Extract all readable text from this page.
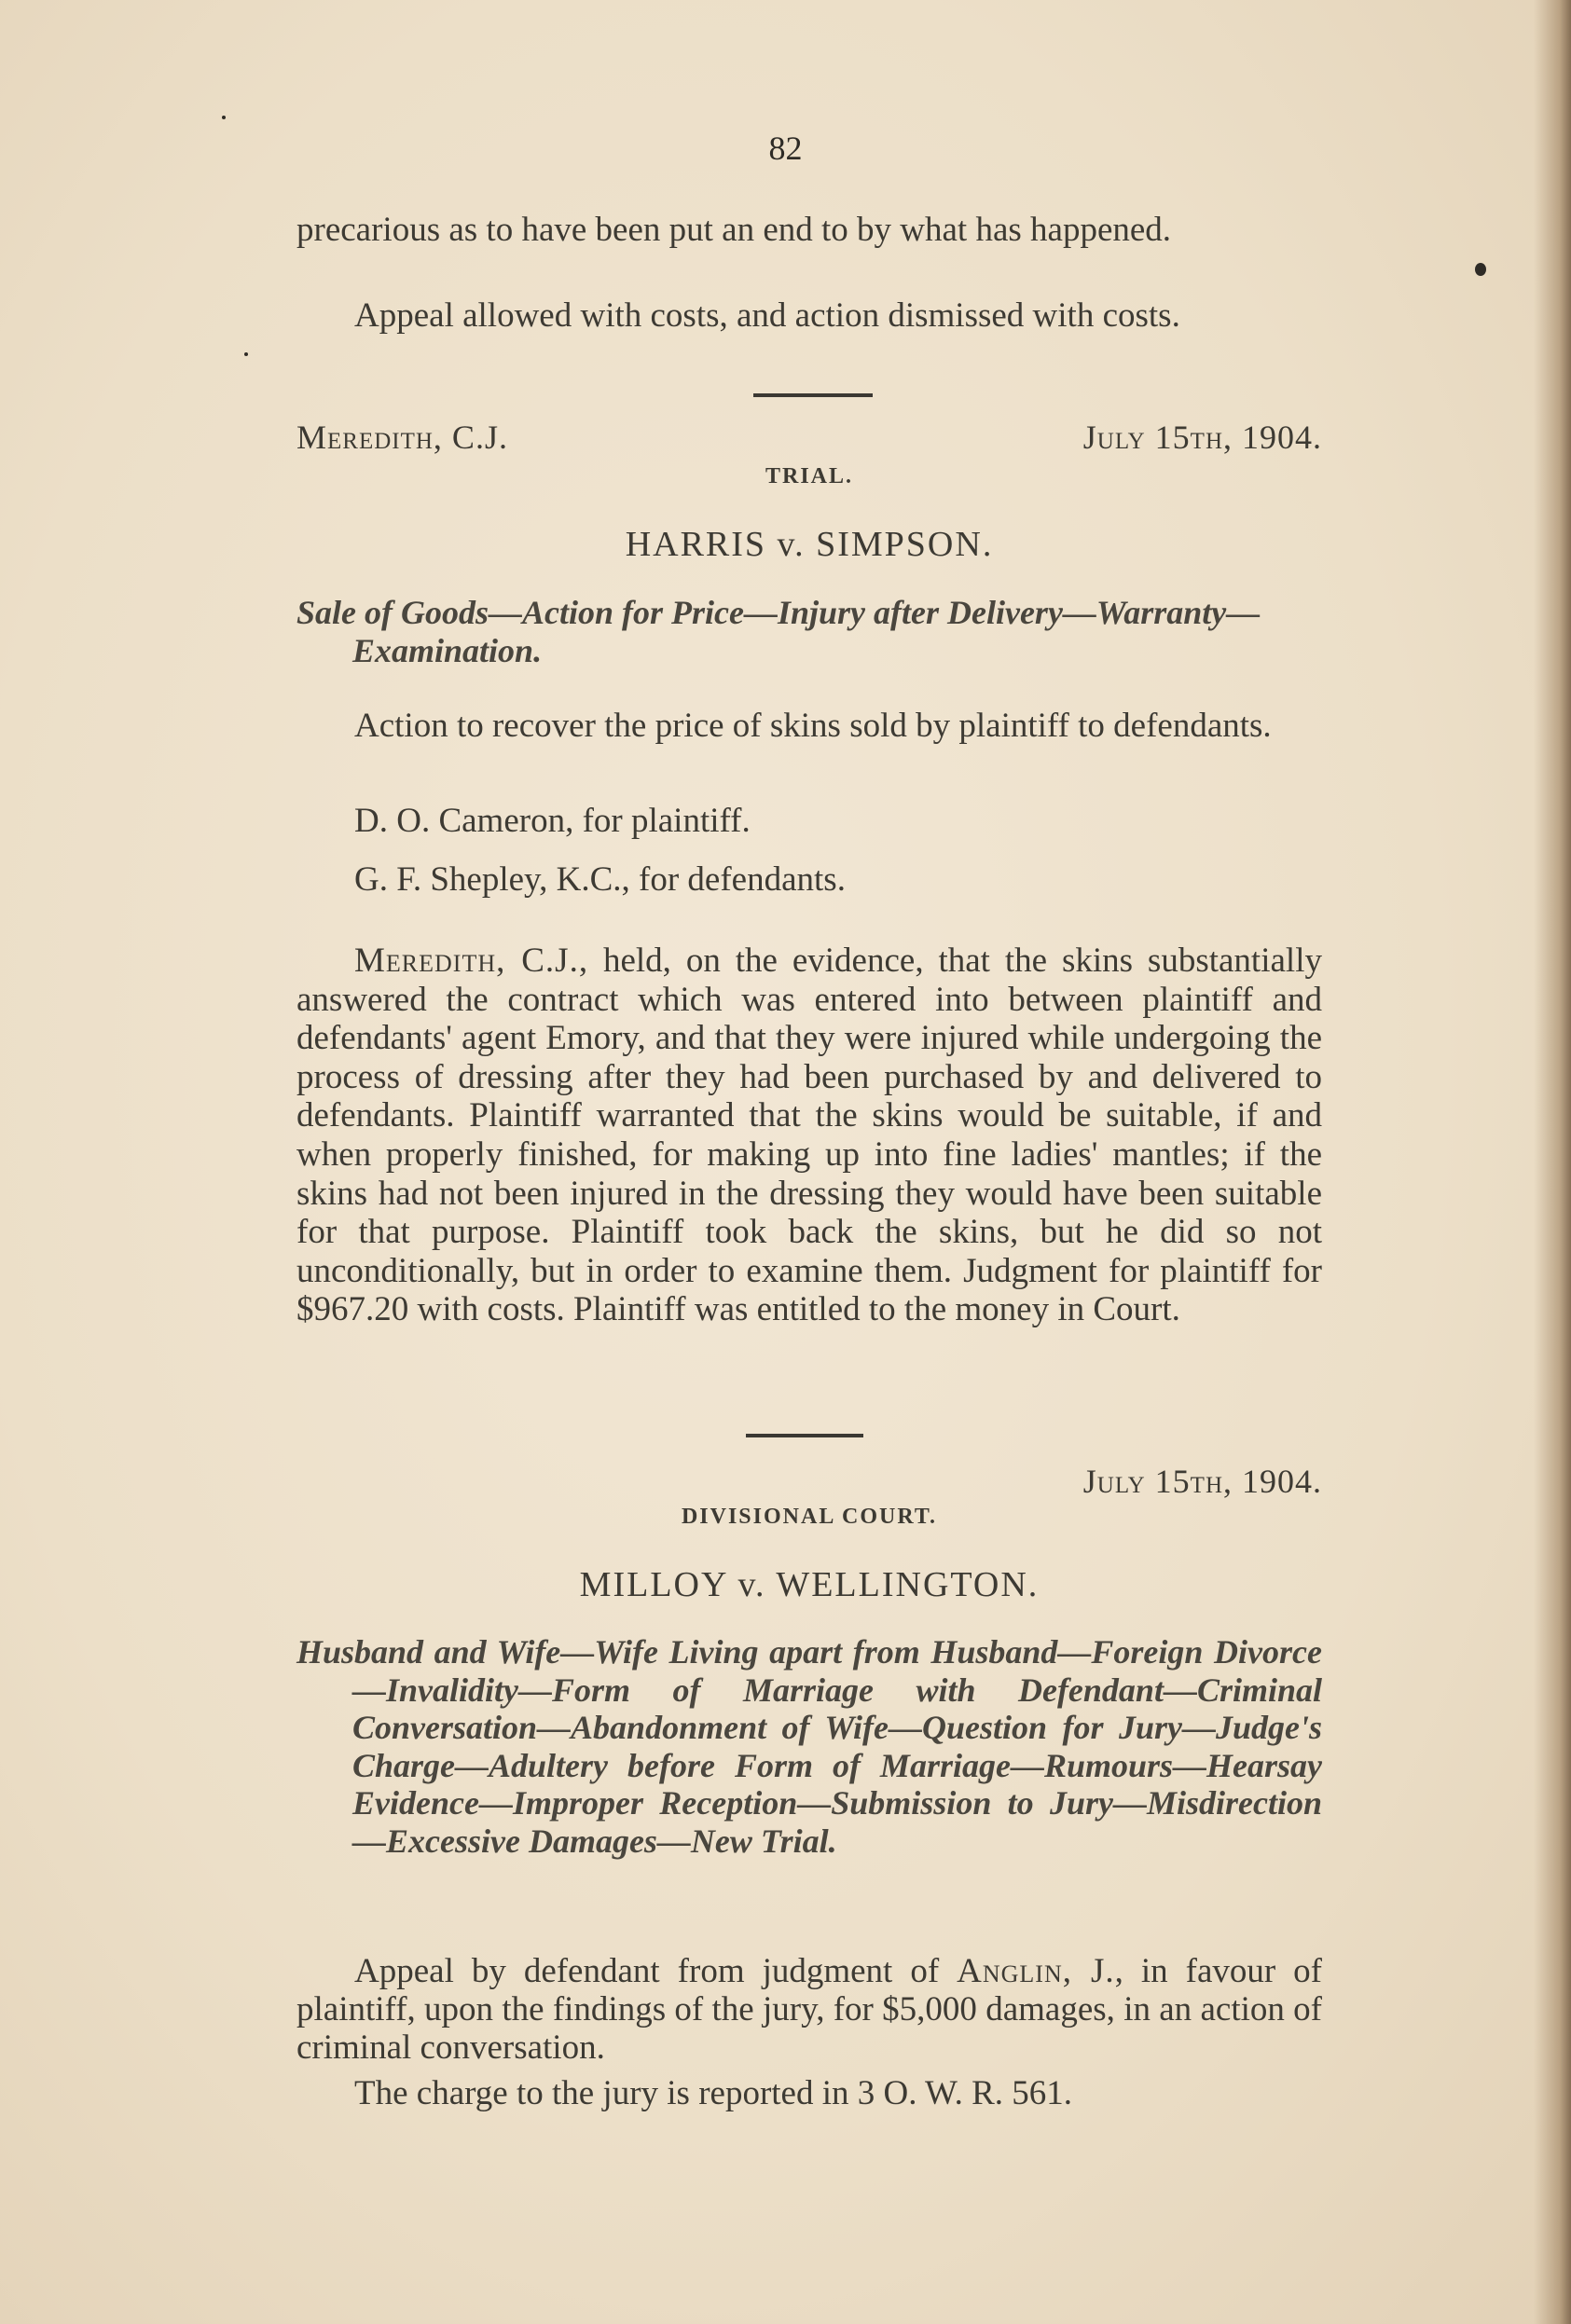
82

precarious as to have been put an end to by what has happened.

Appeal allowed with costs, and action dismissed with costs.

Meredith, C.J.	July 15th, 1904.
TRIAL.
HARRIS v. SIMPSON.

Sale of Goods—Action for Price—Injury after Delivery—Warranty—Examination.

Action to recover the price of skins sold by plaintiff to defendants.

D. O. Cameron, for plaintiff.

G. F. Shepley, K.C., for defendants.

Meredith, C.J., held, on the evidence, that the skins substantially answered the contract which was entered into between plaintiff and defendants' agent Emory, and that they were injured while undergoing the process of dressing after they had been purchased by and delivered to defendants. Plaintiff warranted that the skins would be suitable, if and when properly finished, for making up into fine ladies' mantles; if the skins had not been injured in the dressing they would have been suitable for that purpose. Plaintiff took back the skins, but he did so not unconditionally, but in order to examine them. Judgment for plaintiff for $967.20 with costs. Plaintiff was entitled to the money in Court.

July 15th, 1904.
DIVISIONAL COURT.
MILLOY v. WELLINGTON.

Husband and Wife—Wife Living apart from Husband—Foreign Divorce—Invalidity—Form of Marriage with Defendant—Criminal Conversation—Abandonment of Wife—Question for Jury—Judge's Charge—Adultery before Form of Marriage—Rumours—Hearsay Evidence—Improper Reception—Submission to Jury—Misdirection—Excessive Damages—New Trial.

Appeal by defendant from judgment of Anglin, J., in favour of plaintiff, upon the findings of the jury, for $5,000 damages, in an action of criminal conversation.

The charge to the jury is reported in 3 O. W. R. 561.
